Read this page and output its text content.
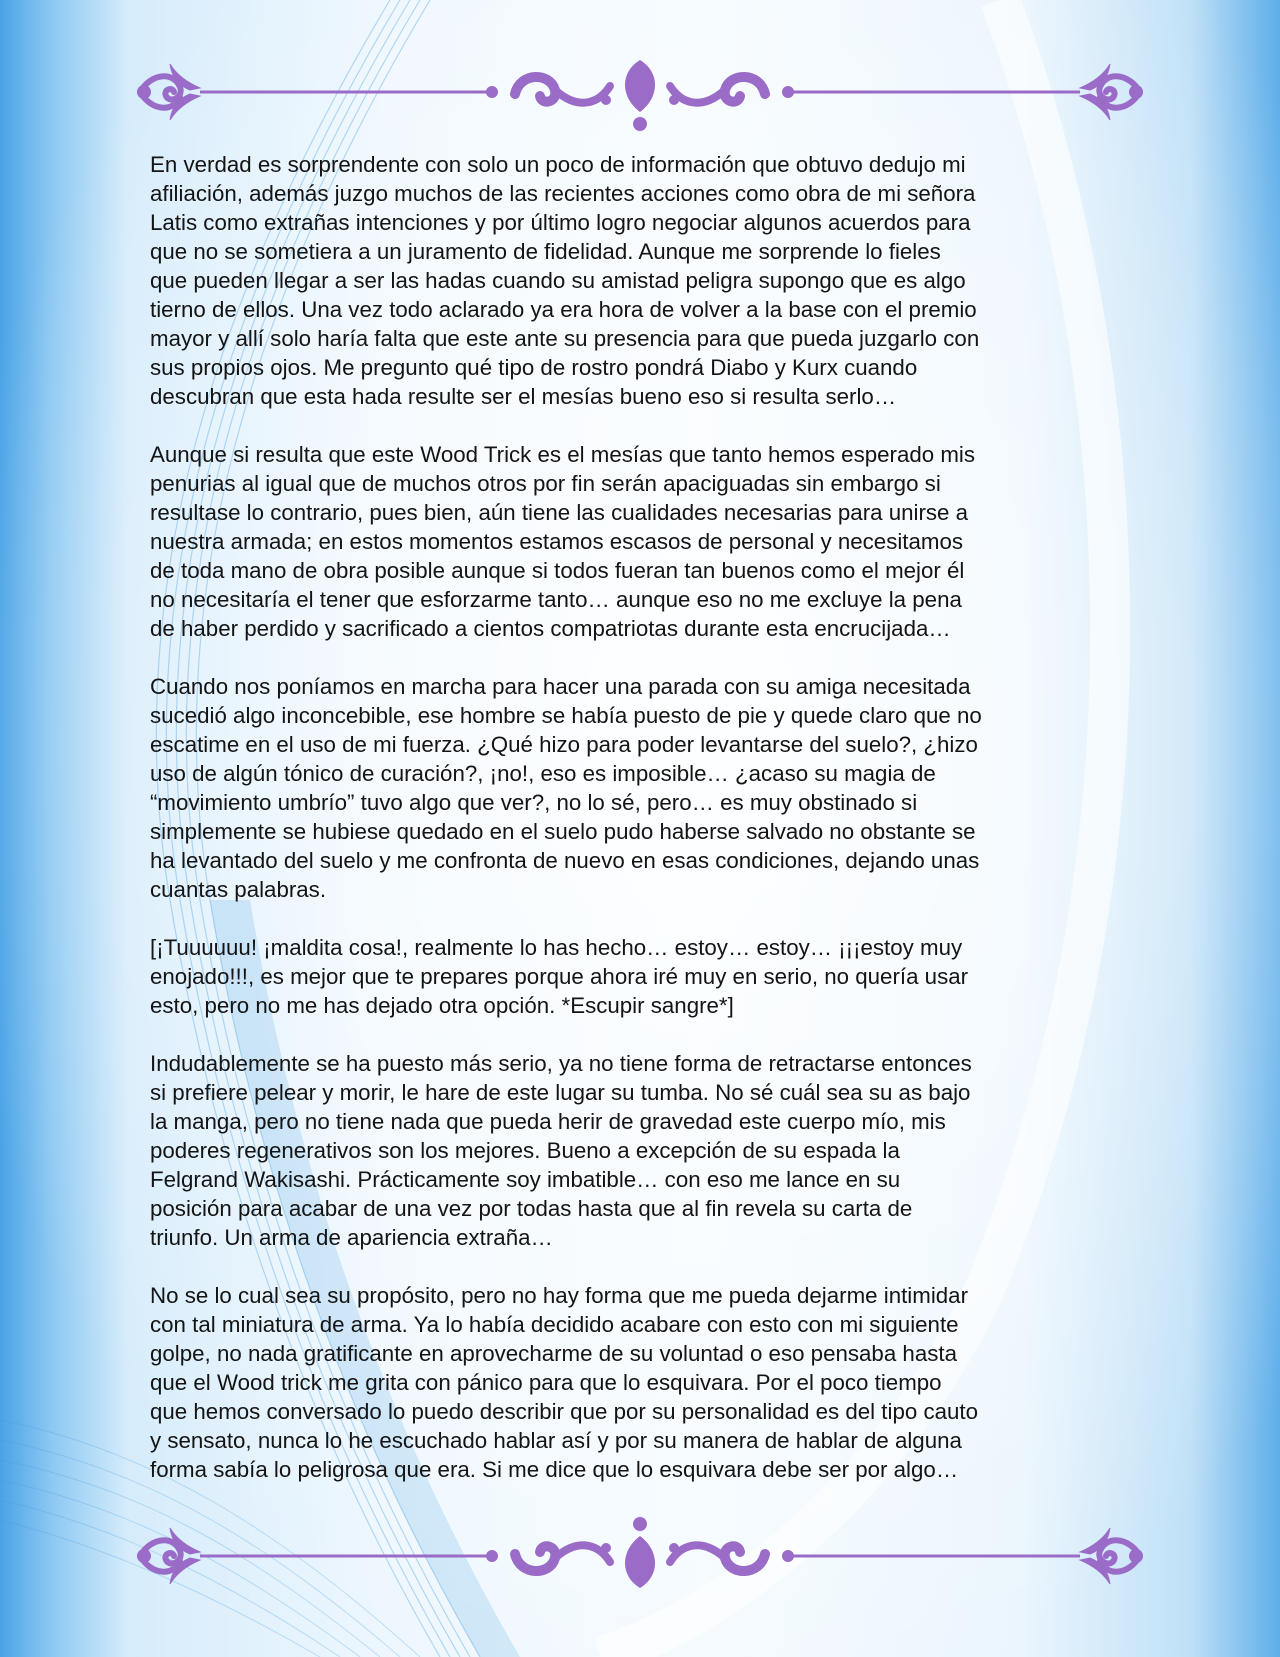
En verdad es sorprendente con solo un poco de información que obtuvo dedujo mi
afiliación, además juzgo muchos de las recientes acciones como obra de mi señora
Latis como extrañas intenciones y por último logro negociar algunos acuerdos para
que no se sometiera a un juramento de fidelidad. Aunque me sorprende lo fieles
que pueden llegar a ser las hadas cuando su amistad peligra supongo que es algo
tierno de ellos. Una vez todo aclarado ya era hora de volver a la base con el premio
mayor y allí solo haría falta que este ante su presencia para que pueda juzgarlo con
sus propios ojos. Me pregunto qué tipo de rostro pondrá Diabo y Kurx cuando
descubran que esta hada resulte ser el mesías bueno eso si resulta serlo…

Aunque si resulta que este Wood Trick es el mesías que tanto hemos esperado mis
penurias al igual que de muchos otros por fin serán apaciguadas sin embargo si
resultase lo contrario, pues bien, aún tiene las cualidades necesarias para unirse a
nuestra armada; en estos momentos estamos escasos de personal y necesitamos
de toda mano de obra posible aunque si todos fueran tan buenos como el mejor él
no necesitaría el tener que esforzarme tanto… aunque eso no me excluye la pena
de haber perdido y sacrificado a cientos compatriotas durante esta encrucijada…

Cuando nos poníamos en marcha para hacer una parada con su amiga necesitada
sucedió algo inconcebible, ese hombre se había puesto de pie y quede claro que no
escatime en el uso de mi fuerza. ¿Qué hizo para poder levantarse del suelo?, ¿hizo
uso de algún tónico de curación?, ¡no!, eso es imposible… ¿acaso su magia de
“movimiento umbrío” tuvo algo que ver?, no lo sé, pero… es muy obstinado si
simplemente se hubiese quedado en el suelo pudo haberse salvado no obstante se
ha levantado del suelo y me confronta de nuevo en esas condiciones, dejando unas
cuantas palabras.

[¡Tuuuuuu! ¡maldita cosa!, realmente lo has hecho… estoy… estoy… ¡¡¡estoy muy
enojado!!!, es mejor que te prepares porque ahora iré muy en serio, no quería usar
esto, pero no me has dejado otra opción. *Escupir sangre*]

Indudablemente se ha puesto más serio, ya no tiene forma de retractarse entonces
si prefiere pelear y morir, le hare de este lugar su tumba. No sé cuál sea su as bajo
la manga, pero no tiene nada que pueda herir de gravedad este cuerpo mío, mis
poderes regenerativos son los mejores. Bueno a excepción de su espada la
Felgrand Wakisashi. Prácticamente soy imbatible… con eso me lance en su
posición para acabar de una vez por todas hasta que al fin revela su carta de
triunfo. Un arma de apariencia extraña…

No se lo cual sea su propósito, pero no hay forma que me pueda dejarme intimidar
con tal miniatura de arma. Ya lo había decidido acabare con esto con mi siguiente
golpe, no nada gratificante en aprovecharme de su voluntad o eso pensaba hasta
que el Wood trick me grita con pánico para que lo esquivara. Por el poco tiempo
que hemos conversado lo puedo describir que por su personalidad es del tipo cauto
y sensato, nunca lo he escuchado hablar así y por su manera de hablar de alguna
forma sabía lo peligrosa que era. Si me dice que lo esquivara debe ser por algo…
